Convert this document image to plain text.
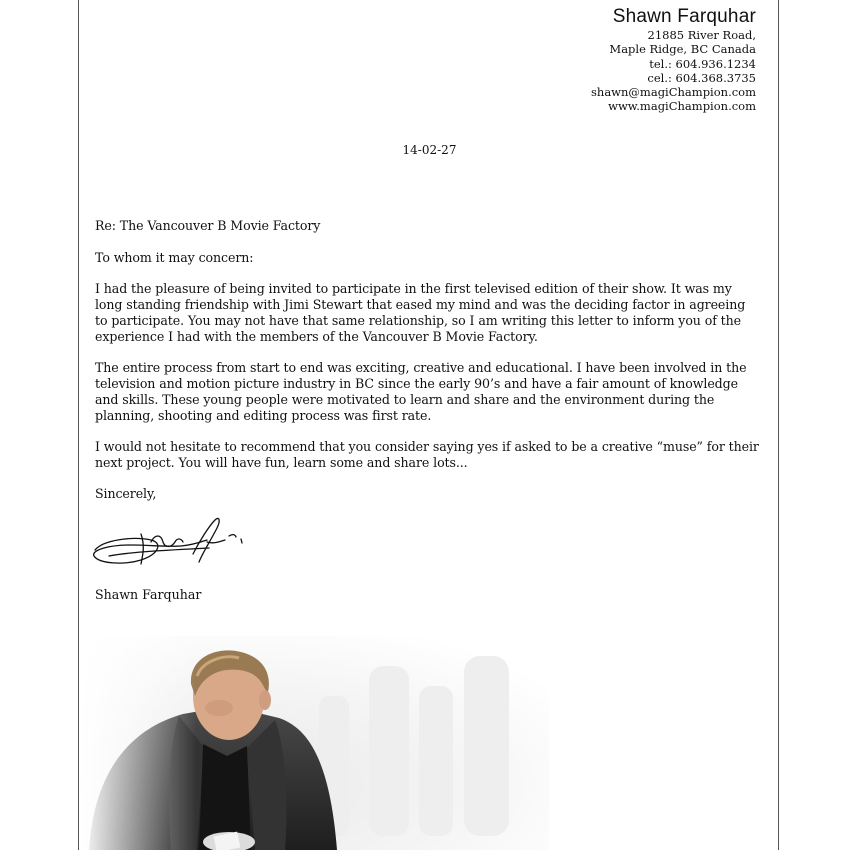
Shawn Farquhar
21885 River Road,
Maple Ridge, BC Canada
tel.: 604.936.1234
cel.: 604.368.3735
shawn@magiChampion.com
www.magiChampion.com
14-02-27

Re: The Vancouver B Movie Factory

To whom it may concern:

I had the pleasure of being invited to participate in the first televised edition of their show. It was my long standing friendship with Jimi Stewart that eased my mind and was the deciding factor in agreeing to participate. You may not have that same relationship, so I am writing this letter to inform you of the experience I had with the members of the Vancouver B Movie Factory.

The entire process from start to end was exciting, creative and educational. I have been involved in the television and motion picture industry in BC since the early 90’s and have a fair amount of knowledge and skills. These young people were motivated to learn and share and the environment during the planning, shooting and editing process was first rate.

I would not hesitate to recommend that you consider saying yes if asked to be a creative “muse” for their next project. You will have fun, learn some and share lots...

Sincerely,

Shawn Farquhar
